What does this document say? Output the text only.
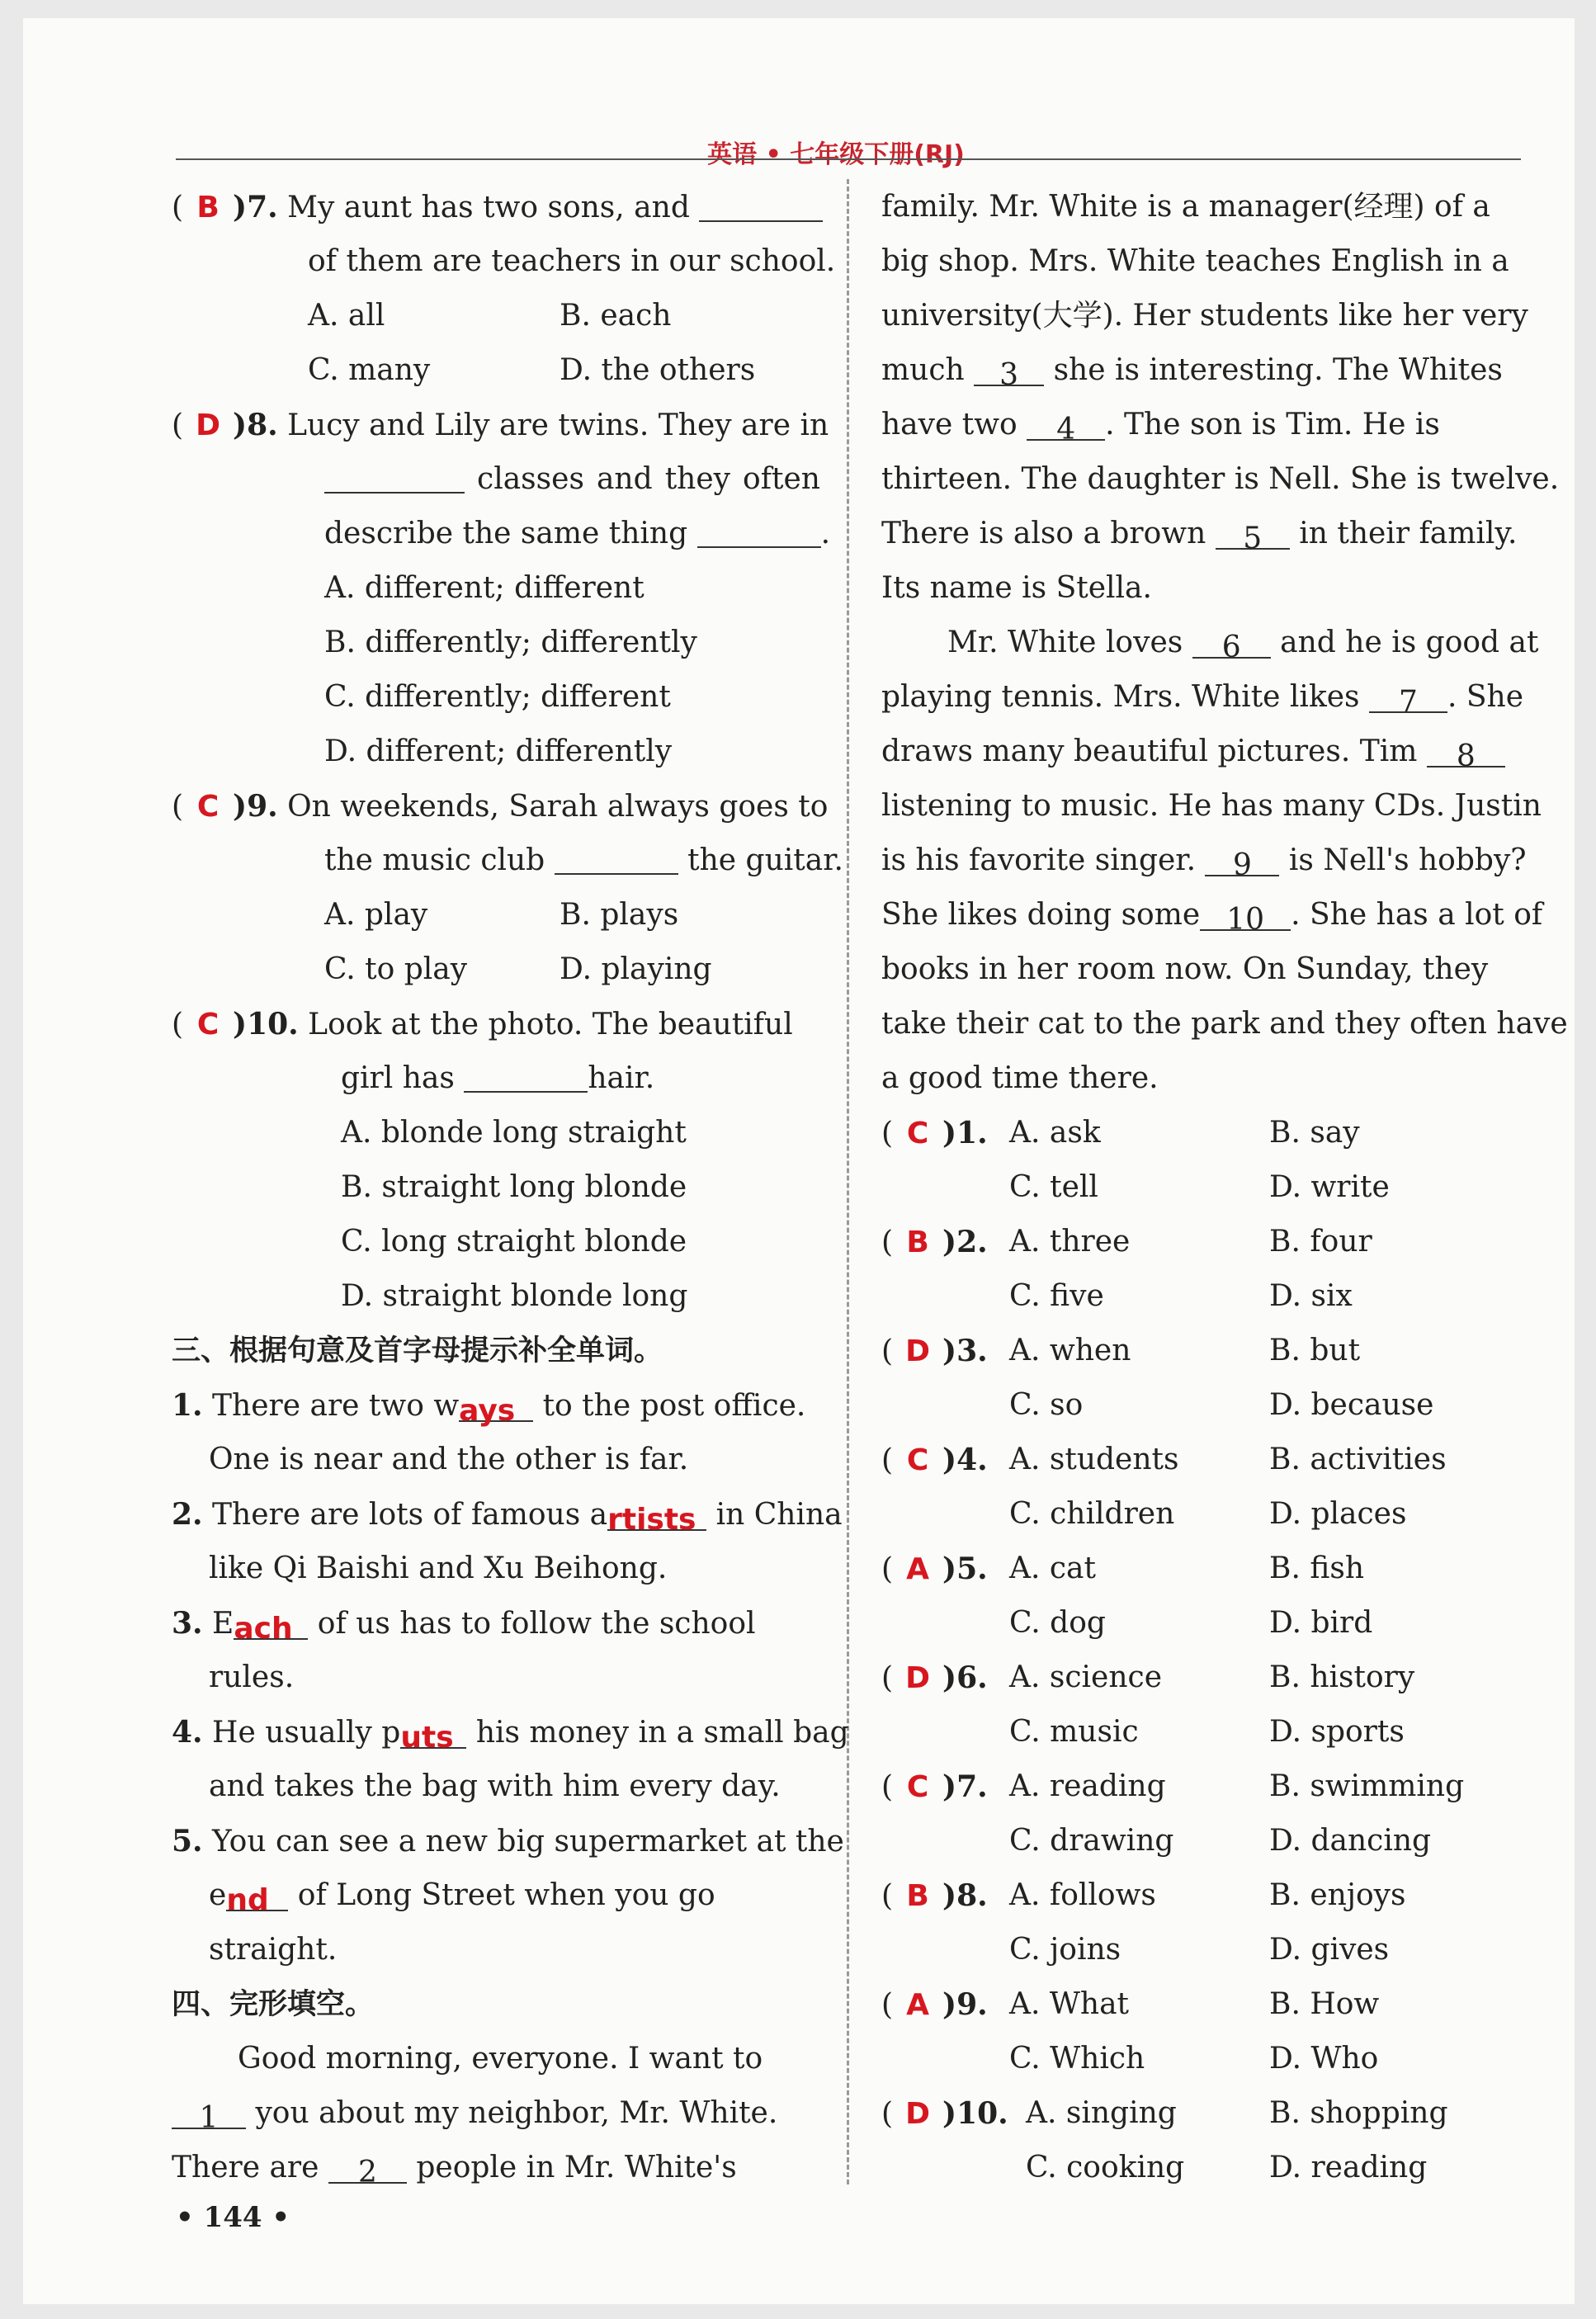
英语 • 七年级下册(RJ)
( B )7. My aunt has two sons, and
of them are teachers in our school.
A. all	B. each
C. many	D. the others
( D )8. Lucy and Lily are twins. They are in
classes and they often
describe the same thing	.
A. different; different
B. differently; differently
C. differently; different
D. different; differently
( C )9. On weekends, Sarah always goes to
the music club	the guitar.
A. play	B. plays
C. to play	D. playing
( C )10. Look at the photo. The beautiful
girl has	hair.
A. blonde long straight
B. straight long blonde
C. long straight blonde
D. straight blonde long
三、根据句意及首字母提示补全单词。
1. There are two ways to the post office.
One is near and the other is far.
2. There are lots of famous artists in China
like Qi Baishi and Xu Beihong.
3. Each of us has to follow the school
rules.
4. He usually puts his money in a small bag
and takes the bag with him every day.
5. You can see a new big supermarket at the
end of Long Street when you go
straight.
四、完形填空。
Good morning, everyone. I want to
1 you about my neighbor, Mr. White.
There are 2 people in Mr. White's
family. Mr. White is a manager(经理) of a
big shop. Mrs. White teaches English in a
university(大学). Her students like her very
much 3 she is interesting. The Whites
have two 4 . The son is Tim. He is
thirteen. The daughter is Nell. She is twelve.
There is also a brown 5 in their family.
Its name is Stella.
Mr. White loves 6 and he is good at
playing tennis. Mrs. White likes 7 . She
draws many beautiful pictures. Tim 8
listening to music. He has many CDs. Justin
is his favorite singer. 9 is Nell's hobby?
She likes doing some 10 . She has a lot of
books in her room now. On Sunday, they
take their cat to the park and they often have
a good time there.
( C )1. A. ask	B. say
C. tell	D. write
( B )2. A. three	B. four
C. five	D. six
( D )3. A. when	B. but
C. so	D. because
( C )4. A. students	B. activities
C. children	D. places
( A )5. A. cat	B. fish
C. dog	D. bird
( D )6. A. science	B. history
C. music	D. sports
( C )7. A. reading	B. swimming
C. drawing	D. dancing
( B )8. A. follows	B. enjoys
C. joins	D. gives
( A )9. A. What	B. How
C. Which	D. Who
( D )10. A. singing	B. shopping
C. cooking	D. reading
• 144 •
